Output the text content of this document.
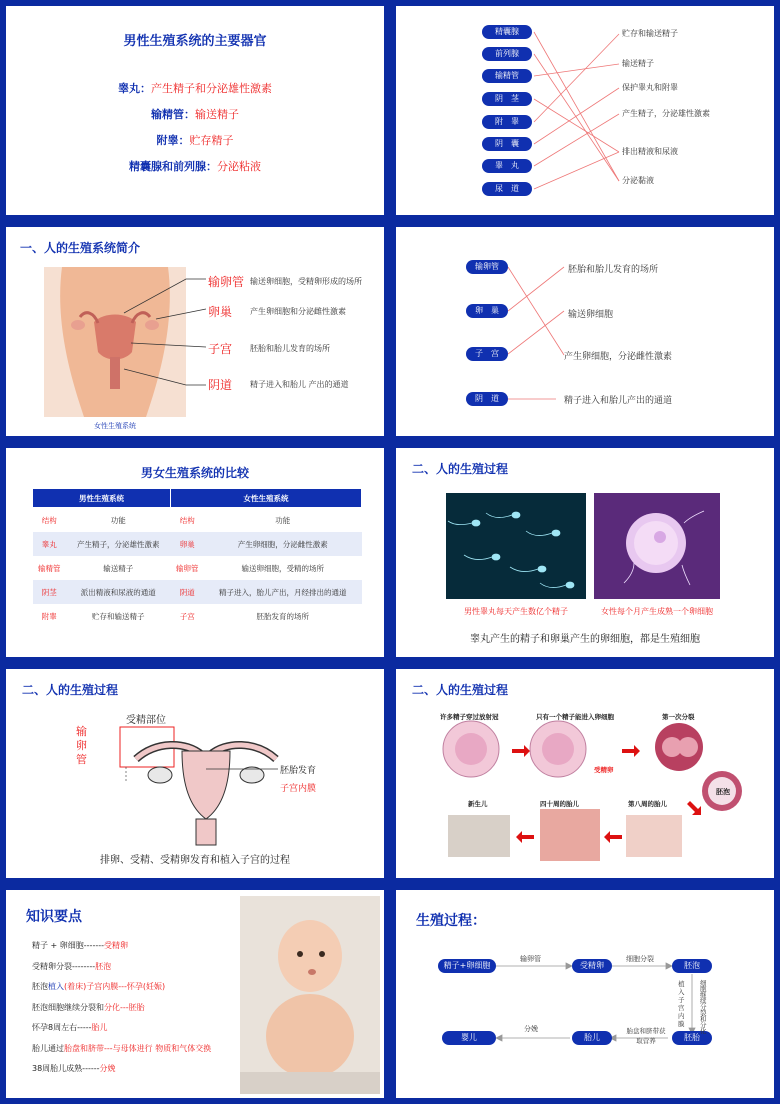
男性生殖系统的主要器官
睾丸：产生精子和分泌雄性激素
输精管：输送精子
附睾：贮存精子
精囊腺和前列腺：分泌粘液
精囊腺
前列腺
输精管
阴　茎
附　睾
阴　囊
睾　丸
尿　道
贮存和输送精子
输送精子
保护睾丸和附睾
产生精子，分泌雄性激素
排出精液和尿液
分泌黏液
一、人的生殖系统简介
输卵管 输送卵细胞，受精卵形成的场所
卵巢 产生卵细胞和分泌雌性激素
子宫 胚胎和胎儿发育的场所
阴道 精子进入和胎儿 产出的通道
女性生殖系统
输卵管
卵　巢
子　宫
阴　道
胚胎和胎儿发育的场所
输送卵细胞
产生卵细胞，分泌雌性激素
精子进入和胎儿产出的通道
男女生殖系统的比较
男性生殖系统		女性生殖系统	
结构	功能	结构	功能
睾丸	产生精子，分泌雄性激素	卵巢	产生卵细胞，分泌雌性激素
输精管	输送精子	输卵管	输送卵细胞，受精的场所
阴茎	派出精液和尿液的通道	阴道	精子进入，胎儿产出，月经排出的通道
附睾	贮存和输送精子	子宫	胚胎发育的场所
二、人的生殖过程
男性睾丸每天产生数亿个精子	女性每个月产生成熟一个卵细胞
睾丸产生的精子和卵巢产生的卵细胞，都是生殖细胞
二、人的生殖过程
输卵管
受精部位
胚胎发育
子宫内膜
排卵、受精、受精卵发育和植入子宫的过程
二、人的生殖过程
许多精子穿过放射冠	只有一个精子能进入卵细胞	第一次分裂
受精卵
胚泡
新生儿	四十周的胎儿	第八周的胎儿
知识要点
精子 + 卵细胞-------受精卵
受精卵分裂--------胚泡
胚泡植入(着床)子宫内膜---怀孕(妊娠)
胚泡细胞继续分裂和分化---胚胎
怀孕8周左右-----胎儿
胎儿通过胎盘和脐带---与母体进行 物质和气体交换
38周胎儿成熟------分娩
生殖过程：
精子+卵细胞	受精卵	胚泡
胚胎
胎儿
婴儿
输卵管	细胞分裂
分娩	胎盘和脐带获取营养
植入子宫内膜
细胞继续分裂和分化
